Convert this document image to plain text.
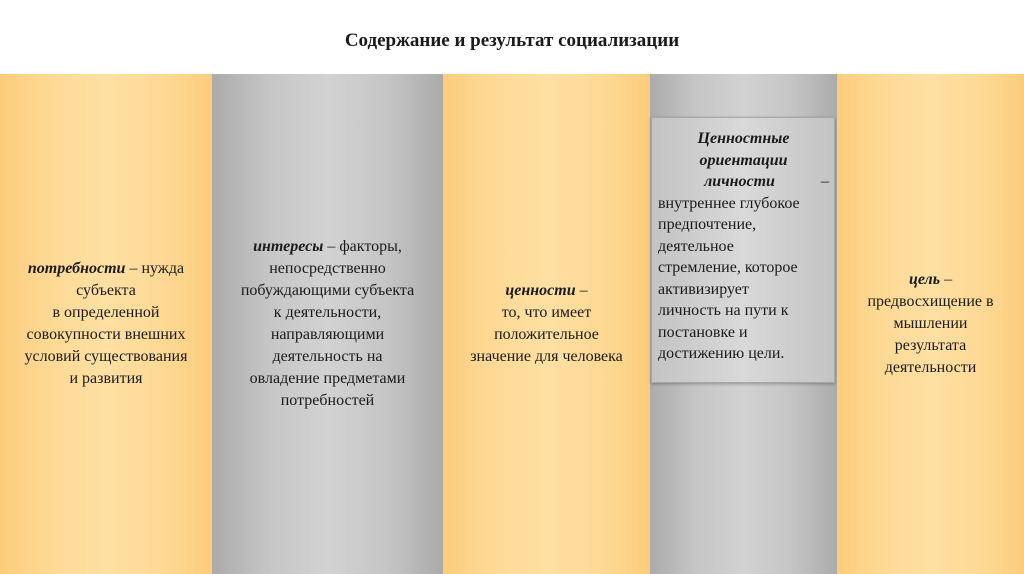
Содержание и результат социализации
потребности – нужда
субъекта
в определенной
совокупности внешних
условий существования
и развития
интересы – факторы,
непосредственно
побуждающими субъекта
к деятельности,
направляющими
деятельность на
овладение предметами
потребностей
ценности –
то, что имеет
положительное
значение для человека
Ценностные
ориентации
личности	–
внутреннее глубокое
предпочтение,
деятельное
стремление, которое
активизирует
личность на пути к
постановке и
достижению цели.
цель –
предвосхищение в
мышлении
результата
деятельности
